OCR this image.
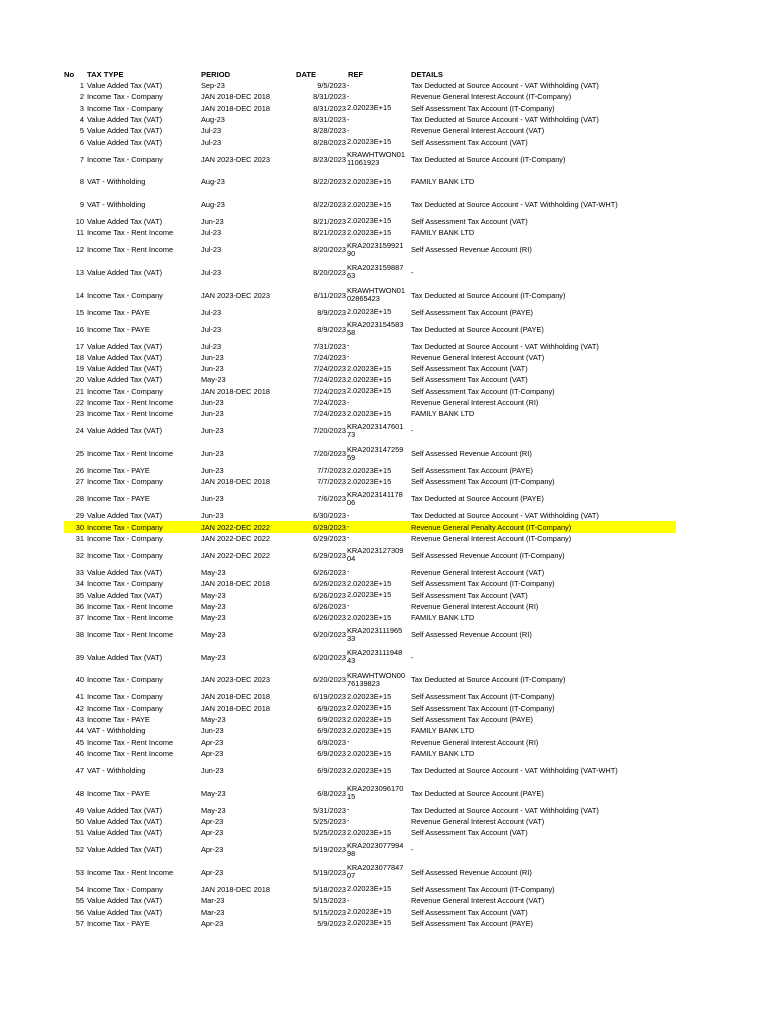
No TAX TYPE	PERIOD	DATE	REF	DETAILS
1 Value Added Tax (VAT)	Sep-23	9/5/2023 -	Tax Deducted at Source Account - VAT Withholding (VAT)
2 Income Tax - Company	JAN 2018-DEC 2018	8/31/2023 -	Revenue General Interest Account (IT-Company)
3 Income Tax - Company	JAN 2018-DEC 2018	8/31/2023 2.02023E+15	Self Assessment Tax Account (IT-Company)
4 Value Added Tax (VAT)	Aug-23	8/31/2023 -	Tax Deducted at Source Account - VAT Withholding (VAT)
5 Value Added Tax (VAT)	Jul-23	8/28/2023 -	Revenue General Interest Account (VAT)
6 Value Added Tax (VAT)	Jul-23	8/28/2023 2.02023E+15	Self Assessment Tax Account (VAT)
7 Income Tax - Company	JAN 2023-DEC 2023	8/23/2023 KRAWHTWON01
11061923	Tax Deducted at Source Account (IT-Company)
8 VAT - Withholding	Aug-23	8/22/2023 2.02023E+15	FAMILY BANK LTD
9 VAT - Withholding	Aug-23	8/22/2023 2.02023E+15	Tax Deducted at Source Account - VAT Withholding (VAT-WHT)
10 Value Added Tax (VAT)	Jun-23	8/21/2023 2.02023E+15	Self Assessment Tax Account (VAT)
11 Income Tax - Rent Income	Jul-23	8/21/2023 2.02023E+15	FAMILY BANK LTD
12 Income Tax - Rent Income	Jul-23	8/20/2023 KRA2023159921
90	Self Assessed Revenue Account (RI)
13 Value Added Tax (VAT)	Jul-23	8/20/2023 KRA2023159887
63	-
14 Income Tax - Company	JAN 2023-DEC 2023	8/11/2023 KRAWHTWON01
02865423	Tax Deducted at Source Account (IT-Company)
15 Income Tax - PAYE	Jul-23	8/9/2023 2.02023E+15	Self Assessment Tax Account (PAYE)
16 Income Tax - PAYE	Jul-23	8/9/2023 KRA2023154583
58	Tax Deducted at Source Account (PAYE)
17 Value Added Tax (VAT)	Jul-23	7/31/2023 -	Tax Deducted at Source Account - VAT Withholding (VAT)
18 Value Added Tax (VAT)	Jun-23	7/24/2023 -	Revenue General Interest Account (VAT)
19 Value Added Tax (VAT)	Jun-23	7/24/2023 2.02023E+15	Self Assessment Tax Account (VAT)
20 Value Added Tax (VAT)	May-23	7/24/2023 2.02023E+15	Self Assessment Tax Account (VAT)
21 Income Tax - Company	JAN 2018-DEC 2018	7/24/2023 2.02023E+15	Self Assessment Tax Account (IT-Company)
22 Income Tax - Rent Income	Jun-23	7/24/2023 -	Revenue General Interest Account (RI)
23 Income Tax - Rent Income	Jun-23	7/24/2023 2.02023E+15	FAMILY BANK LTD
24 Value Added Tax (VAT)	Jun-23	7/20/2023 KRA2023147601
73	-
25 Income Tax - Rent Income	Jun-23	7/20/2023 KRA2023147259
59	Self Assessed Revenue Account (RI)
26 Income Tax - PAYE	Jun-23	7/7/2023 2.02023E+15	Self Assessment Tax Account (PAYE)
27 Income Tax - Company	JAN 2018-DEC 2018	7/7/2023 2.02023E+15	Self Assessment Tax Account (IT-Company)
28 Income Tax - PAYE	Jun-23	7/6/2023 KRA2023141178
06	Tax Deducted at Source Account (PAYE)
29 Value Added Tax (VAT)	Jun-23	6/30/2023 -	Tax Deducted at Source Account - VAT Withholding (VAT)
30 Income Tax - Company	JAN 2022-DEC 2022	6/29/2023 -	Revenue General Penalty Account (IT-Company)
31 Income Tax - Company	JAN 2022-DEC 2022	6/29/2023 -	Revenue General Interest Account (IT-Company)
32 Income Tax - Company	JAN 2022-DEC 2022	6/29/2023 KRA2023127309
04	Self Assessed Revenue Account (IT-Company)
33 Value Added Tax (VAT)	May-23	6/26/2023 -	Revenue General Interest Account (VAT)
34 Income Tax - Company	JAN 2018-DEC 2018	6/26/2023 2.02023E+15	Self Assessment Tax Account (IT-Company)
35 Value Added Tax (VAT)	May-23	6/26/2023 2.02023E+15	Self Assessment Tax Account (VAT)
36 Income Tax - Rent Income	May-23	6/26/2023 -	Revenue General Interest Account (RI)
37 Income Tax - Rent Income	May-23	6/26/2023 2.02023E+15	FAMILY BANK LTD
38 Income Tax - Rent Income	May-23	6/20/2023 KRA2023111965
33	Self Assessed Revenue Account (RI)
39 Value Added Tax (VAT)	May-23	6/20/2023 KRA2023111948
43	-
40 Income Tax - Company	JAN 2023-DEC 2023	6/20/2023 KRAWHTWON00
76139823	Tax Deducted at Source Account (IT-Company)
41 Income Tax - Company	JAN 2018-DEC 2018	6/19/2023 2.02023E+15	Self Assessment Tax Account (IT-Company)
42 Income Tax - Company	JAN 2018-DEC 2018	6/9/2023 2.02023E+15	Self Assessment Tax Account (IT-Company)
43 Income Tax - PAYE	May-23	6/9/2023 2.02023E+15	Self Assessment Tax Account (PAYE)
44 VAT - Withholding	Jun-23	6/9/2023 2.02023E+15	FAMILY BANK LTD
45 Income Tax - Rent Income	Apr-23	6/9/2023 -	Revenue General Interest Account (RI)
46 Income Tax - Rent Income	Apr-23	6/9/2023 2.02023E+15	FAMILY BANK LTD
47 VAT - Withholding	Jun-23	6/9/2023 2.02023E+15	Tax Deducted at Source Account - VAT Withholding (VAT-WHT)
48 Income Tax - PAYE	May-23	6/8/2023 KRA2023096170
15	Tax Deducted at Source Account (PAYE)
49 Value Added Tax (VAT)	May-23	5/31/2023 -	Tax Deducted at Source Account - VAT Withholding (VAT)
50 Value Added Tax (VAT)	Apr-23	5/25/2023 -	Revenue General Interest Account (VAT)
51 Value Added Tax (VAT)	Apr-23	5/25/2023 2.02023E+15	Self Assessment Tax Account (VAT)
52 Value Added Tax (VAT)	Apr-23	5/19/2023 KRA2023077994
98	-
53 Income Tax - Rent Income	Apr-23	5/19/2023 KRA2023077847
07	Self Assessed Revenue Account (RI)
54 Income Tax - Company	JAN 2018-DEC 2018	5/18/2023 2.02023E+15	Self Assessment Tax Account (IT-Company)
55 Value Added Tax (VAT)	Mar-23	5/15/2023 -	Revenue General Interest Account (VAT)
56 Value Added Tax (VAT)	Mar-23	5/15/2023 2.02023E+15	Self Assessment Tax Account (VAT)
57 Income Tax - PAYE	Apr-23	5/9/2023 2.02023E+15	Self Assessment Tax Account (PAYE)
